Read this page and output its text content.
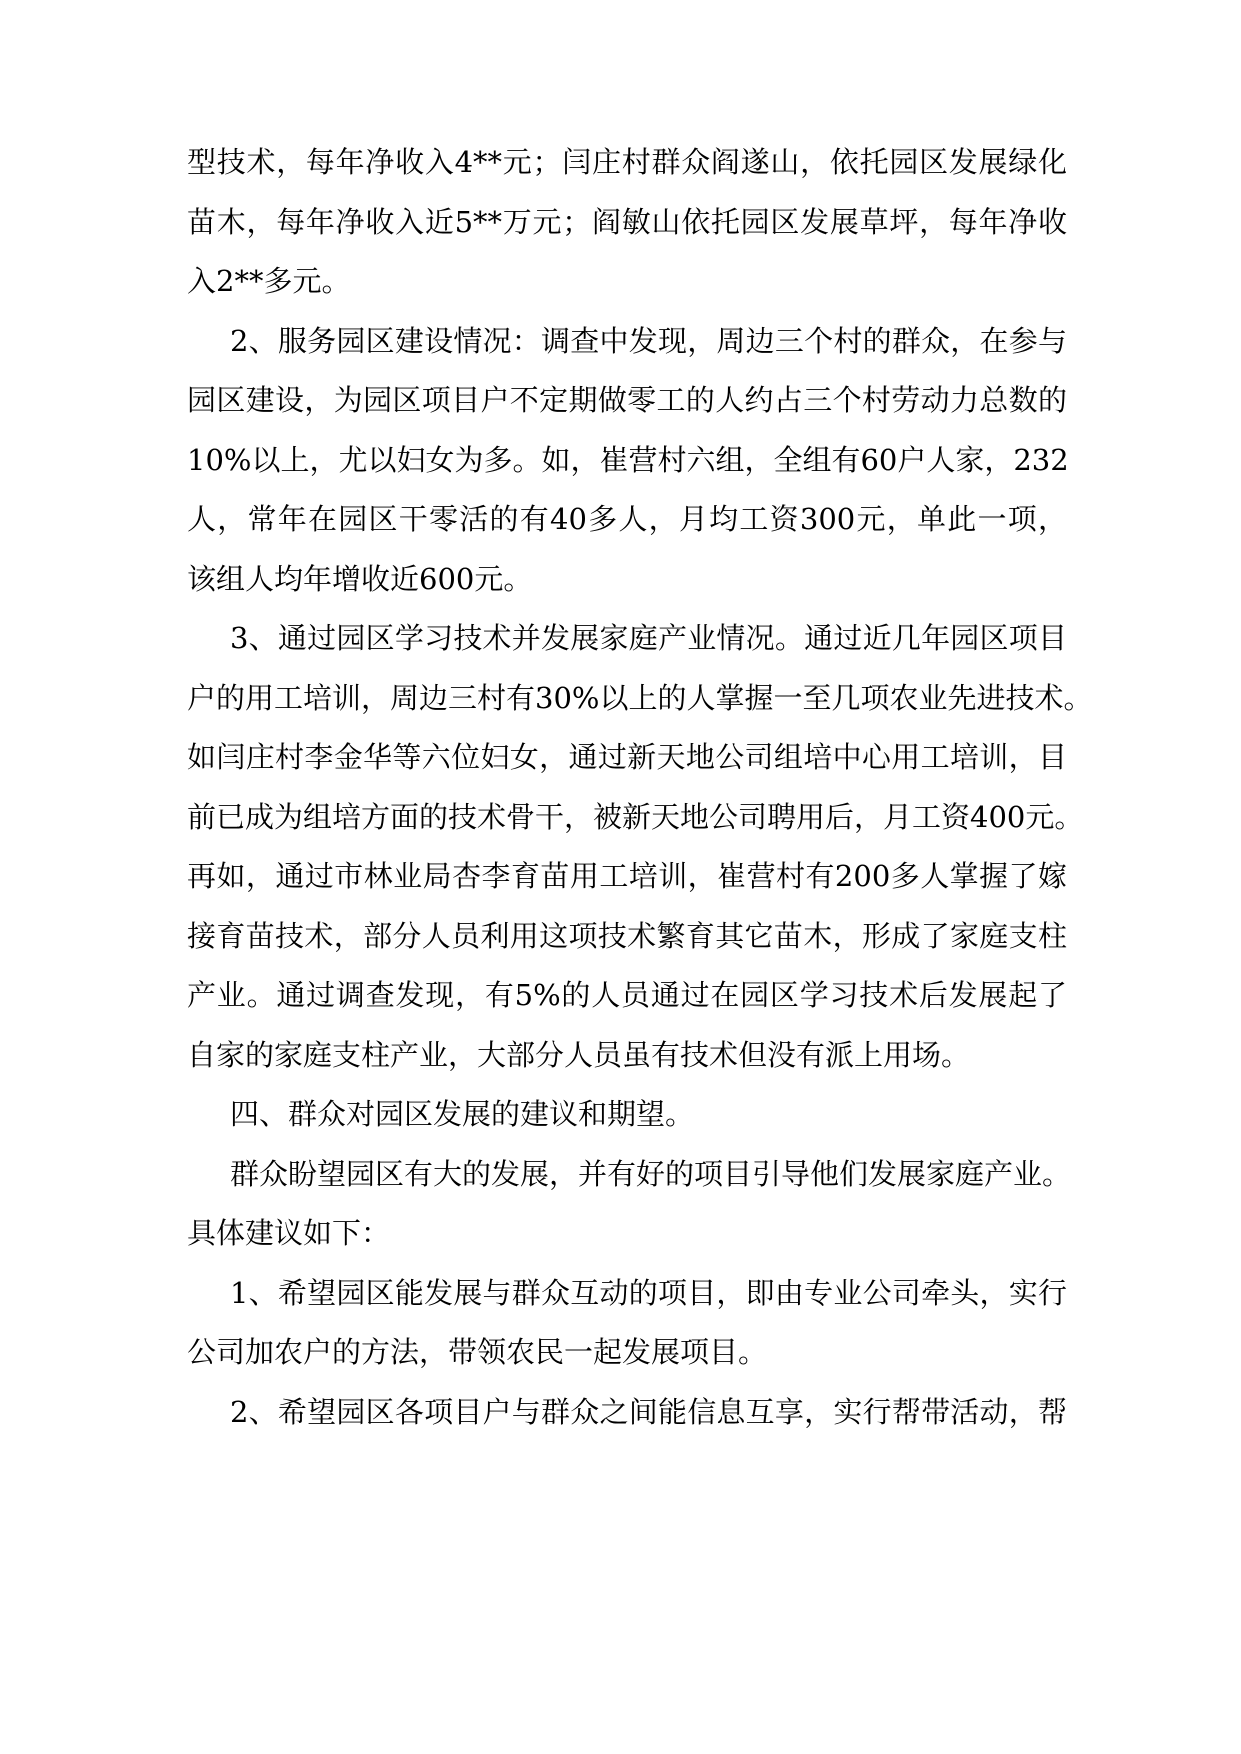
型技术，每年净收入4**元；闫庄村群众阎遂山，依托园区发展绿化
苗木，每年净收入近5**万元；阎敏山依托园区发展草坪，每年净收
入2**多元。
2、服务园区建设情况：调查中发现，周边三个村的群众，在参与
园区建设，为园区项目户不定期做零工的人约占三个村劳动力总数的
10%以上，尤以妇女为多。如，崔营村六组，全组有60户人家，232
人，常年在园区干零活的有40多人，月均工资300元，单此一项，
该组人均年增收近600元。
3、通过园区学习技术并发展家庭产业情况。通过近几年园区项目
户的用工培训，周边三村有30%以上的人掌握一至几项农业先进技术。
如闫庄村李金华等六位妇女，通过新天地公司组培中心用工培训，目
前已成为组培方面的技术骨干，被新天地公司聘用后，月工资400元。
再如，通过市林业局杏李育苗用工培训，崔营村有200多人掌握了嫁
接育苗技术，部分人员利用这项技术繁育其它苗木，形成了家庭支柱
产业。通过调查发现，有5%的人员通过在园区学习技术后发展起了
自家的家庭支柱产业，大部分人员虽有技术但没有派上用场。
四、群众对园区发展的建议和期望。
群众盼望园区有大的发展，并有好的项目引导他们发展家庭产业。
具体建议如下：
1、希望园区能发展与群众互动的项目，即由专业公司牵头，实行
公司加农户的方法，带领农民一起发展项目。
2、希望园区各项目户与群众之间能信息互享，实行帮带活动，帮
